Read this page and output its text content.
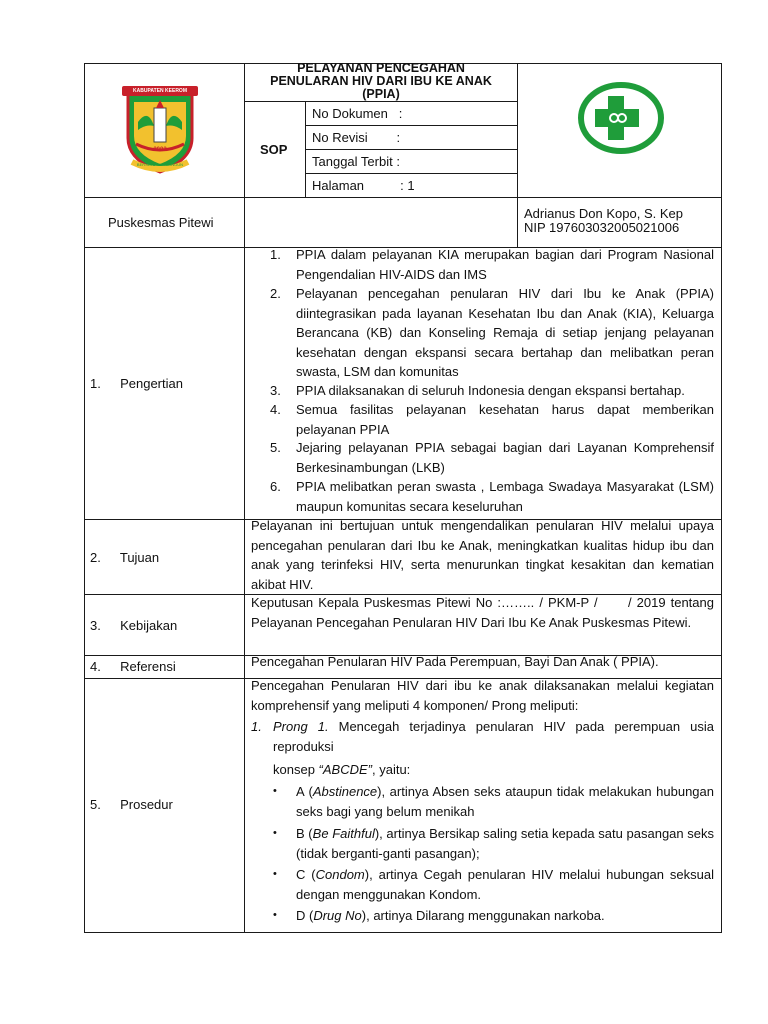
KABUPATEN KEEROM
2002
BERSATU MEMBANGUN
PELAYANAN PENCEGAHAN
PENULARAN HIV DARI IBU KE ANAK
(PPIA)
SOP
No Dokumen   :
No Revisi        :
Tanggal Terbit :
Halaman          : 1
Puskesmas Pitewi
Adrianus Don Kopo, S. Kep
NIP 197603032005021006
1. Pengertian
1. PPIA dalam pelayanan KIA merupakan bagian dari Program Nasional Pengendalian HIV-AIDS dan IMS
2. Pelayanan pencegahan penularan HIV dari Ibu ke Anak (PPIA) diintegrasikan pada layanan Kesehatan Ibu dan Anak (KIA), Keluarga Berancana (KB) dan Konseling Remaja di setiap jenjang pelayanan kesehatan dengan ekspansi secara bertahap dan melibatkan peran swasta, LSM dan komunitas
3. PPIA dilaksanakan di seluruh Indonesia dengan ekspansi bertahap.
4. Semua fasilitas pelayanan kesehatan harus dapat memberikan pelayanan PPIA
5. Jejaring pelayanan PPIA sebagai bagian dari Layanan Komprehensif Berkesinambungan (LKB)
6. PPIA melibatkan peran swasta , Lembaga Swadaya Masyarakat (LSM) maupun komunitas secara keseluruhan
2. Tujuan
Pelayanan ini bertujuan untuk mengendalikan penularan HIV melalui upaya pencegahan penularan dari Ibu ke Anak, meningkatkan kualitas hidup ibu dan anak yang terinfeksi HIV, serta menurunkan tingkat kesakitan dan kematian akibat HIV.
3. Kebijakan
Keputusan Kepala Puskesmas Pitewi No :…….. / PKM-P /      / 2019 tentang Pelayanan Pencegahan Penularan HIV Dari Ibu Ke Anak Puskesmas Pitewi.
4. Referensi	Pencegahan Penularan HIV Pada Perempuan, Bayi Dan Anak ( PPIA).
5. Prosedur
Pencegahan Penularan HIV dari ibu ke anak dilaksanakan melalui kegiatan komprehensif yang meliputi 4 komponen/ Prong meliputi:
1. Prong 1. Mencegah terjadinya penularan HIV pada perempuan usia reproduksi
konsep “ABCDE”, yaitu:
• A (Abstinence), artinya Absen seks ataupun tidak melakukan hubungan seks bagi yang belum menikah
• B (Be Faithful), artinya Bersikap saling setia kepada satu pasangan seks (tidak berganti-ganti pasangan);
• C (Condom), artinya Cegah penularan HIV melalui hubungan seksual dengan menggunakan Kondom.
• D (Drug No), artinya Dilarang menggunakan narkoba.
